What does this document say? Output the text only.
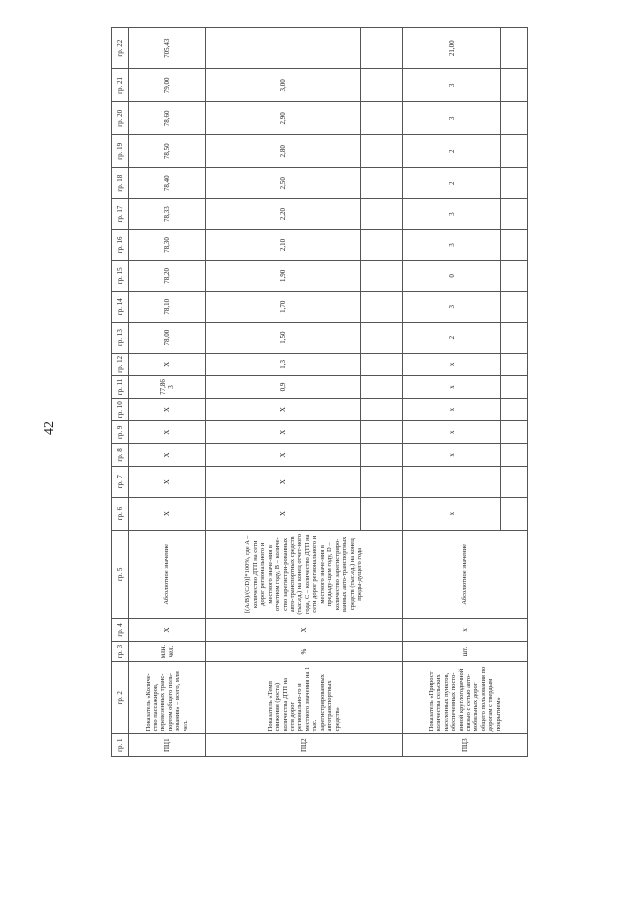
42
гр. 1	гр. 2	гр. 3	гр. 4	гр. 5	гр. 6	гр. 7	гр. 8	гр. 9	гр. 10	гр. 11	гр. 12	гр. 13	гр. 14	гр. 15	гр. 16	гр. 17	гр. 18	гр. 19	гр. 20	гр. 21	гр. 22
ПЦ1	Показатель «Количе-ство пассажиров, перевезенных транс-портом общего поль-зования» – всего, млн чел.	млн. чел.	Х	Абсолютное значение	Х	Х	Х	Х	Х	77,86 3	Х	78,00	78,10	78,20	78,30	78,33	78,40	78,50	78,60	79,00	705,43
ПЦ2	Показатель «Темп снижения (роста) количества ДТП на сети дорог регионально-го и местного значения на 1 тыс. зарегистрированных автотранспортных средств»	%	Х	[(A/B)/(C/D)]*100%, где A – количество ДТП на сети дорог регионального и местного значе-ния в отчетном году, B – количе-ство зарегистри-рованных авто-транспортных средств (тыс.ед.) на конец отчет-ного года, C – количество ДТП на сети дорог регионального и местного значе-ния в предыду-щем году, D – количество зарегистриро-ванных авто-транспортных средств (тыс.ед.) на конец преды-дущего года	Х	Х	Х	Х	Х	0,9	1,3	1,50	1,70	1,90	2,10	2,20	2,50	2,80	2,90	3,00	

ПЦ3	Показатель «Прирост количества сельских населенных пунктов, обеспеченных посто-янной круглогодичной связью с сетью авто-мобильных дорог общего пользования по дорогам с твердым покрытием»	шт.	х	Абсолютное значение	х		х	х	х	х	х	2	3	0	3	3	2	2	3	3	21,00
